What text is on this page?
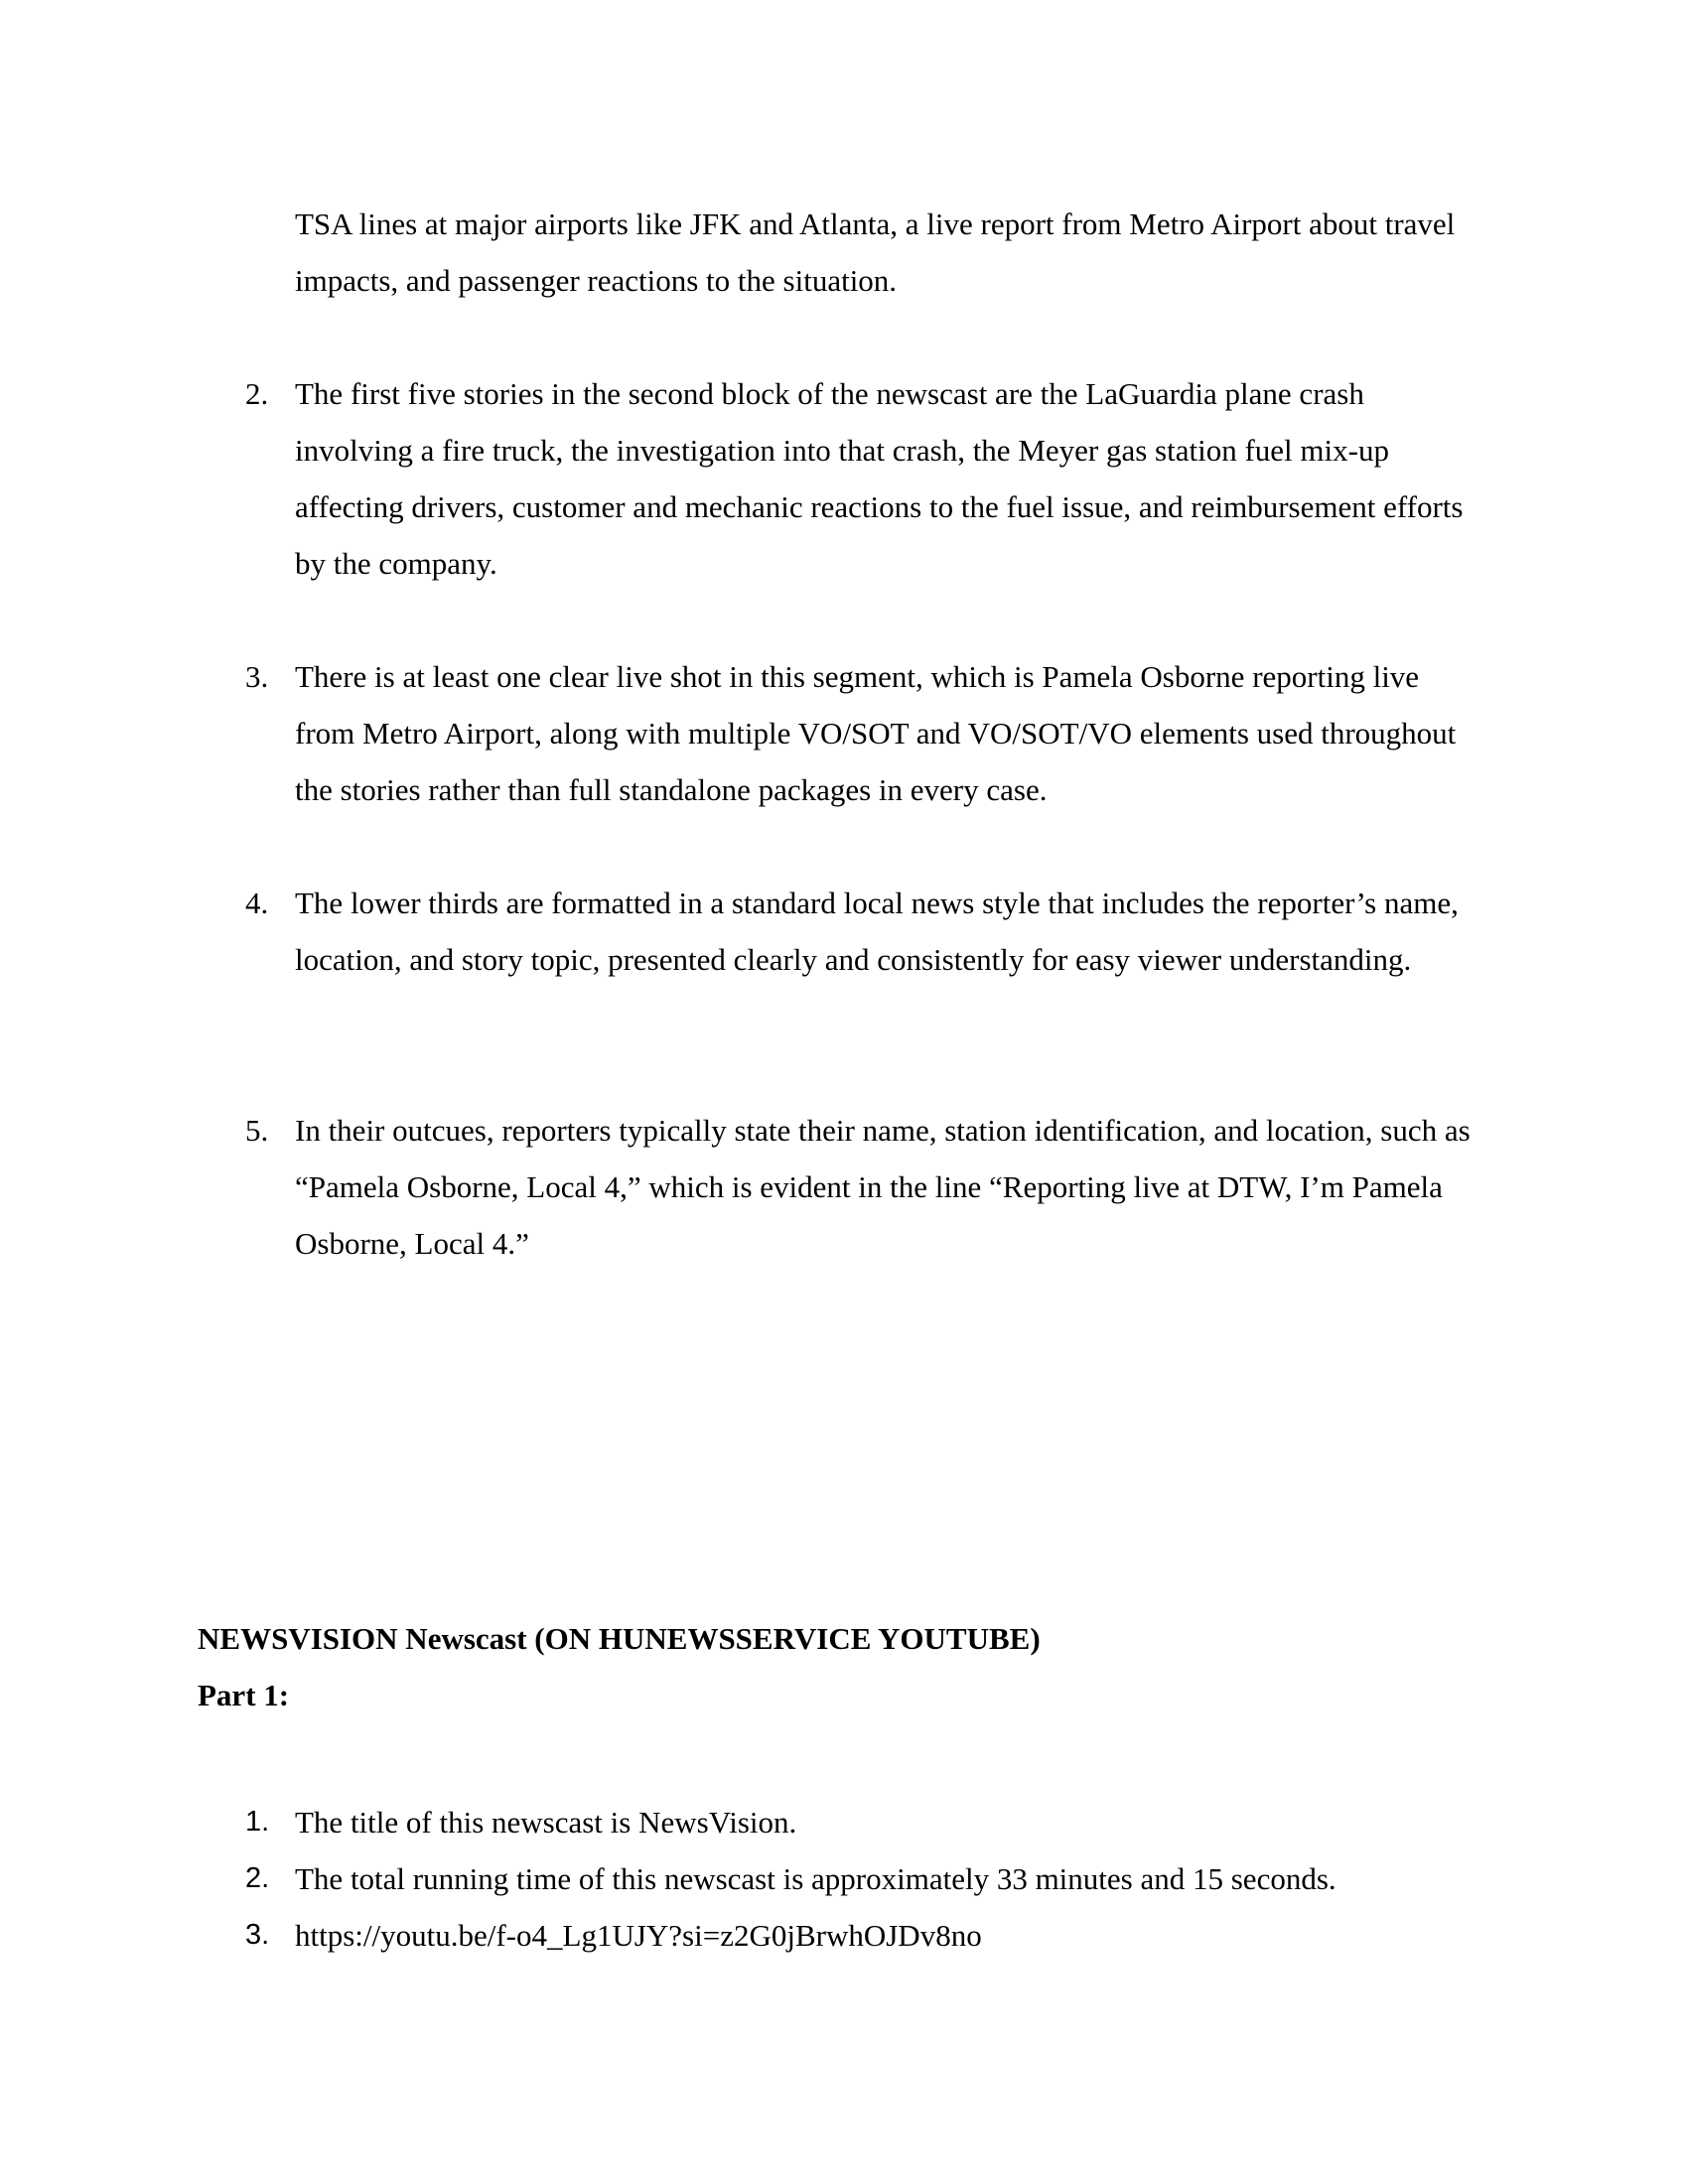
TSA lines at major airports like JFK and Atlanta, a live report from Metro Airport about travel impacts, and passenger reactions to the situation.

2. The first five stories in the second block of the newscast are the LaGuardia plane crash involving a fire truck, the investigation into that crash, the Meyer gas station fuel mix-up affecting drivers, customer and mechanic reactions to the fuel issue, and reimbursement efforts by the company.
3. There is at least one clear live shot in this segment, which is Pamela Osborne reporting live from Metro Airport, along with multiple VO/SOT and VO/SOT/VO elements used throughout the stories rather than full standalone packages in every case.
4. The lower thirds are formatted in a standard local news style that includes the reporter’s name, location, and story topic, presented clearly and consistently for easy viewer understanding.
5. In their outcues, reporters typically state their name, station identification, and location, such as “Pamela Osborne, Local 4,” which is evident in the line “Reporting live at DTW, I’m Pamela Osborne, Local 4.”
NEWSVISION Newscast (ON HUNEWSSERVICE YOUTUBE)
Part 1:
1. The title of this newscast is NewsVision.
2. The total running time of this newscast is approximately 33 minutes and 15 seconds.
3. https://youtu.be/f-o4_Lg1UJY?si=z2G0jBrwhOJDv8no
